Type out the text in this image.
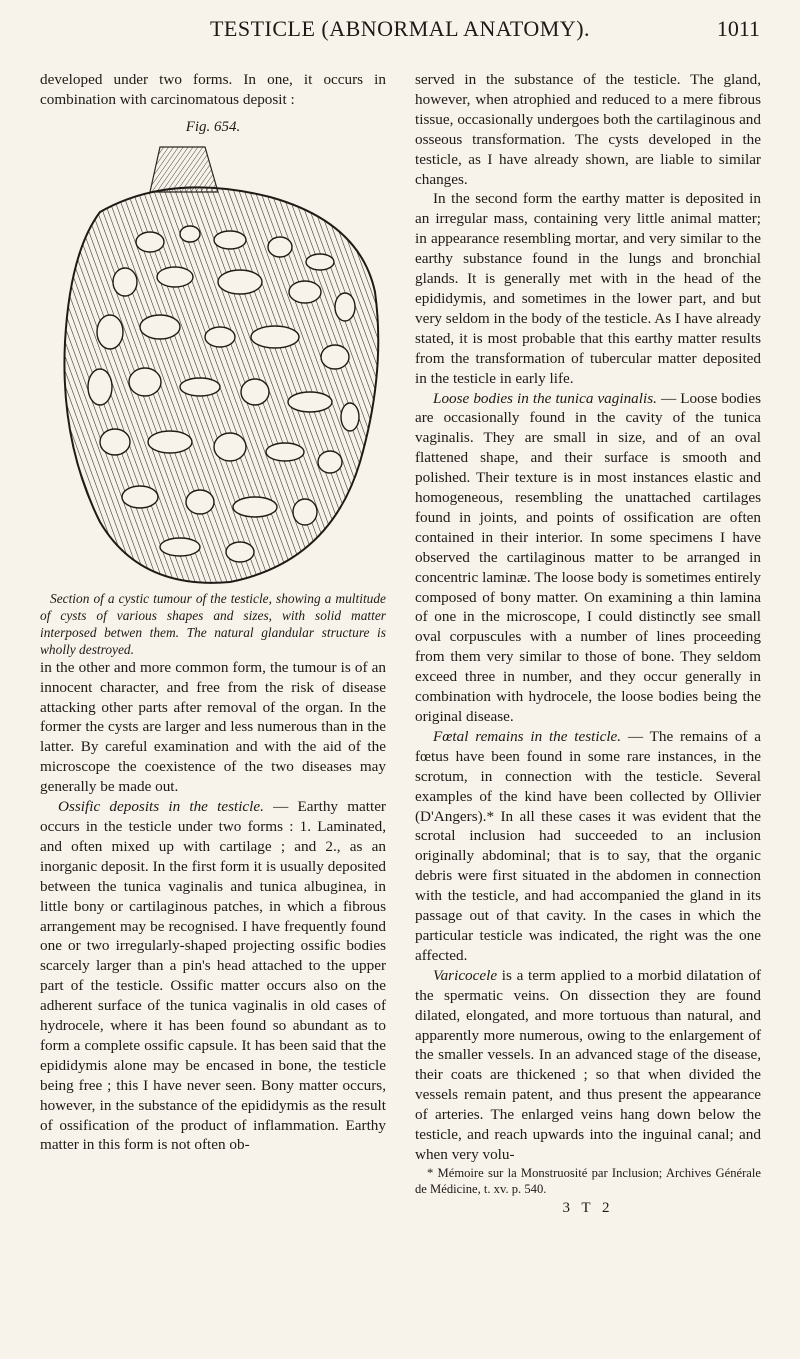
TESTICLE (ABNORMAL ANATOMY).	1011

developed under two forms. In one, it occurs in combination with carcinomatous deposit :

Fig. 654.

Section of a cystic tumour of the testicle, showing a multitude of cysts of various shapes and sizes, with solid matter interposed betwen them. The natural glandular structure is wholly destroyed.

in the other and more common form, the tumour is of an innocent character, and free from the risk of disease attacking other parts after removal of the organ. In the former the cysts are larger and less numerous than in the latter. By careful examination and with the aid of the microscope the coexistence of the two diseases may generally be made out.

Ossific deposits in the testicle. — Earthy matter occurs in the testicle under two forms : 1. Laminated, and often mixed up with cartilage ; and 2., as an inorganic deposit. In the first form it is usually deposited between the tunica vaginalis and tunica albuginea, in little bony or cartilaginous patches, in which a fibrous arrangement may be recognised. I have frequently found one or two irregularly-shaped projecting ossific bodies scarcely larger than a pin's head attached to the upper part of the testicle. Ossific matter occurs also on the adherent surface of the tunica vaginalis in old cases of hydrocele, where it has been found so abundant as to form a complete ossific capsule. It has been said that the epididymis alone may be encased in bone, the testicle being free ; this I have never seen. Bony matter occurs, however, in the substance of the epididymis as the result of ossification of the product of inflammation. Earthy matter in this form is not often ob-

served in the substance of the testicle. The gland, however, when atrophied and reduced to a mere fibrous tissue, occasionally undergoes both the cartilaginous and osseous transformation. The cysts developed in the testicle, as I have already shown, are liable to similar changes.

In the second form the earthy matter is deposited in an irregular mass, containing very little animal matter; in appearance resembling mortar, and very similar to the earthy substance found in the lungs and bronchial glands. It is generally met with in the head of the epididymis, and sometimes in the lower part, and but very seldom in the body of the testicle. As I have already stated, it is most probable that this earthy matter results from the transformation of tubercular matter deposited in the testicle in early life.

Loose bodies in the tunica vaginalis. — Loose bodies are occasionally found in the cavity of the tunica vaginalis. They are small in size, and of an oval flattened shape, and their surface is smooth and polished. Their texture is in most instances elastic and homogeneous, resembling the unattached cartilages found in joints, and points of ossification are often contained in their interior. In some specimens I have observed the cartilaginous matter to be arranged in concentric laminæ. The loose body is sometimes entirely composed of bony matter. On examining a thin lamina of one in the microscope, I could distinctly see small oval corpuscules with a number of lines proceeding from them very similar to those of bone. They seldom exceed three in number, and they occur generally in combination with hydrocele, the loose bodies being the original disease.

Fœtal remains in the testicle. — The remains of a fœtus have been found in some rare instances, in the scrotum, in connection with the testicle. Several examples of the kind have been collected by Ollivier (D'Angers).* In all these cases it was evident that the scrotal inclusion had succeeded to an inclusion originally abdominal; that is to say, that the organic debris were first situated in the abdomen in connection with the testicle, and had accompanied the gland in its passage out of that cavity. In the cases in which the particular testicle was indicated, the right was the one affected.

Varicocele is a term applied to a morbid dilatation of the spermatic veins. On dissection they are found dilated, elongated, and more tortuous than natural, and apparently more numerous, owing to the enlargement of the smaller vessels. In an advanced stage of the disease, their coats are thickened ; so that when divided the vessels remain patent, and thus present the appearance of arteries. The enlarged veins hang down below the testicle, and reach upwards into the inguinal canal; and when very volu-

* Mémoire sur la Monstruosité par Inclusion; Archives Générale de Médicine, t. xv. p. 540.

3 T 2
